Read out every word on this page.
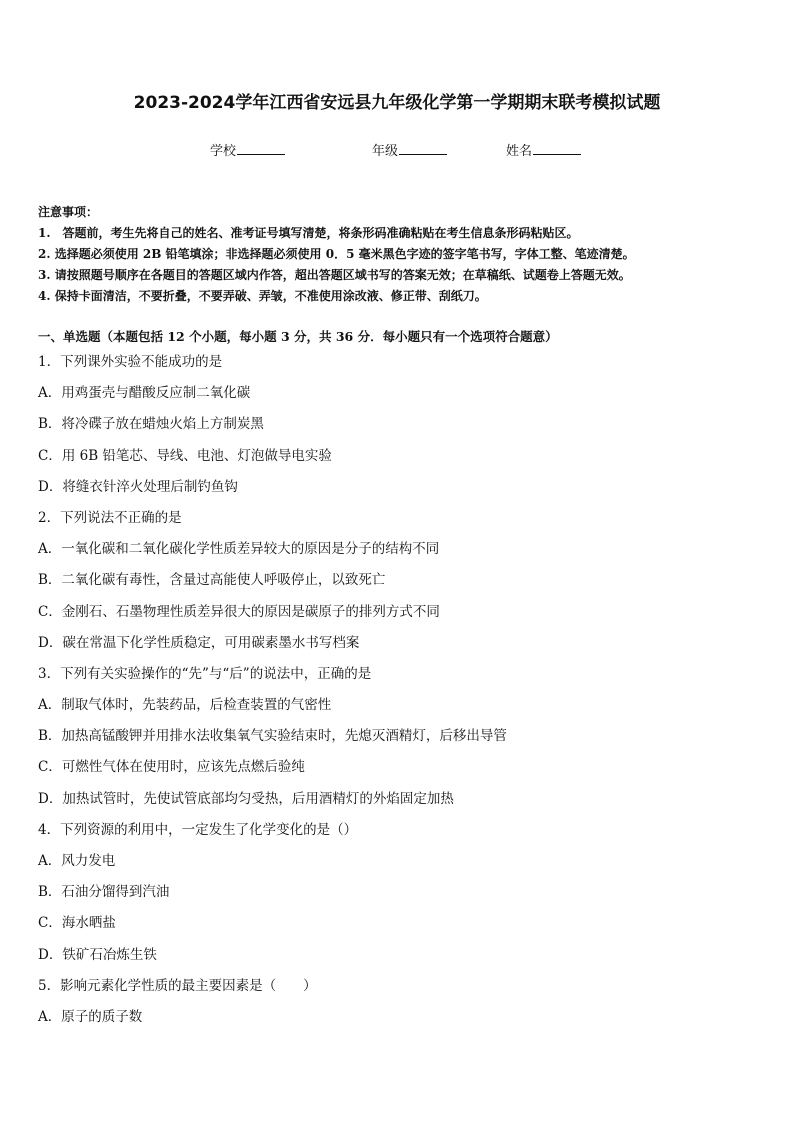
2023-2024学年江西省安远县九年级化学第一学期期末联考模拟试题
学校	年级	姓名
注意事项：
1.　答题前，考生先将自己的姓名、准考证号填写清楚，将条形码准确粘贴在考生信息条形码粘贴区。
2. 选择题必须使用 2B 铅笔填涂；非选择题必须使用 0．5 毫米黑色字迹的签字笔书写，字体工整、笔迹清楚。
3. 请按照题号顺序在各题目的答题区域内作答，超出答题区域书写的答案无效；在草稿纸、试题卷上答题无效。
4. 保持卡面清洁，不要折叠，不要弄破、弄皱，不准使用涂改液、修正带、刮纸刀。
一、单选题（本题包括 12 个小题，每小题 3 分，共 36 分．每小题只有一个选项符合题意）
1．下列课外实验不能成功的是
A．用鸡蛋壳与醋酸反应制二氧化碳
B．将冷碟子放在蜡烛火焰上方制炭黑
C．用 6B 铅笔芯、导线、电池、灯泡做导电实验
D．将缝衣针淬火处理后制钓鱼钩
2．下列说法不正确的是
A．一氧化碳和二氧化碳化学性质差异较大的原因是分子的结构不同
B．二氧化碳有毒性，含量过高能使人呼吸停止，以致死亡
C．金刚石、石墨物理性质差异很大的原因是碳原子的排列方式不同
D．碳在常温下化学性质稳定，可用碳素墨水书写档案
3．下列有关实验操作的“先”与“后”的说法中，正确的是
A．制取气体时，先装药品，后检查装置的气密性
B．加热高锰酸钾并用排水法收集氧气实验结束时，先熄灭酒精灯，后移出导管
C．可燃性气体在使用时，应该先点燃后验纯
D．加热试管时，先使试管底部均匀受热，后用酒精灯的外焰固定加热
4．下列资源的利用中，一定发生了化学变化的是（）
A．风力发电
B．石油分馏得到汽油
C．海水晒盐
D．铁矿石冶炼生铁
5．影响元素化学性质的最主要因素是（　　）
A．原子的质子数
